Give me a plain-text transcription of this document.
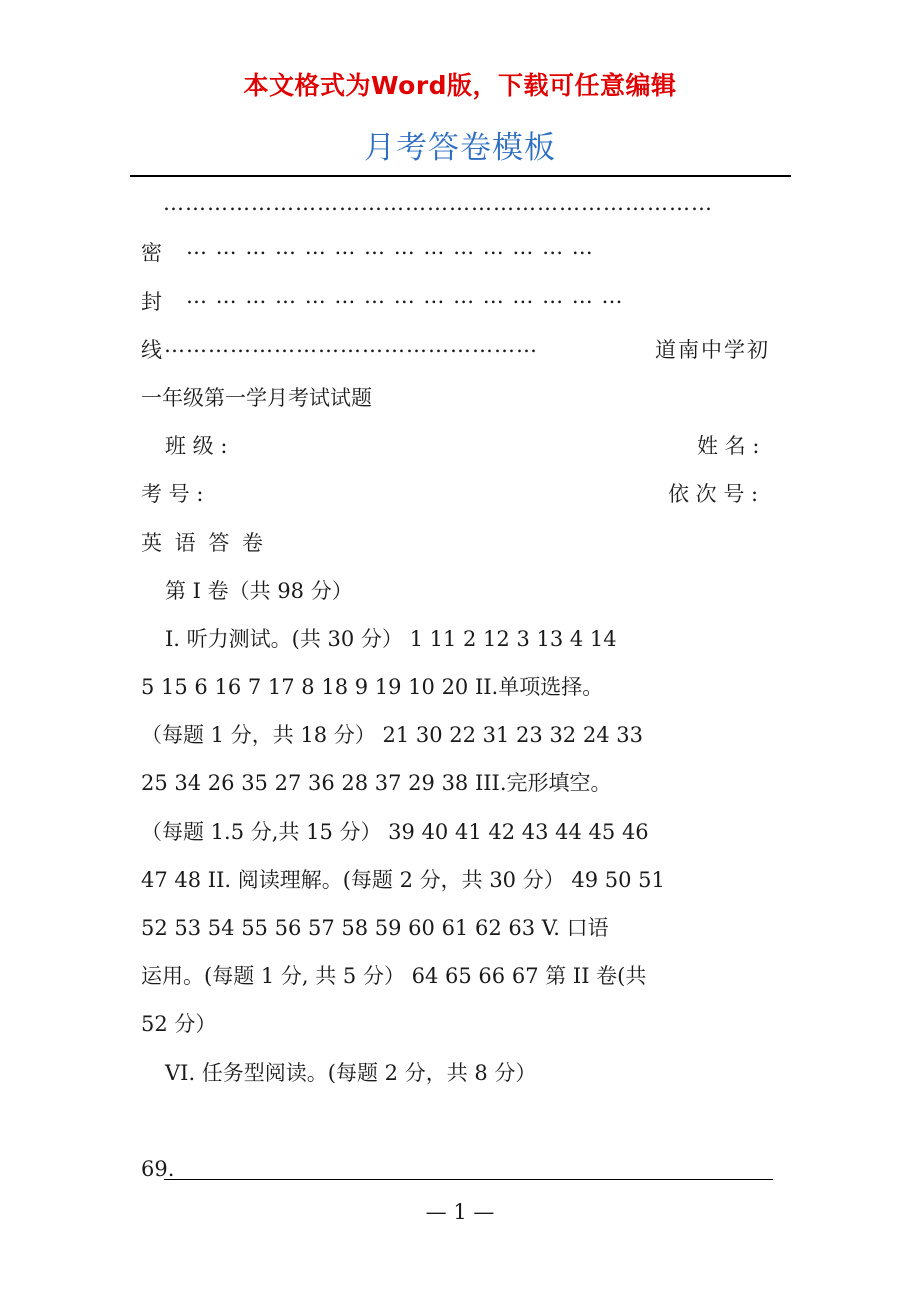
本文格式为Word版，下载可任意编辑
月考答卷模板
…………………………………………………………………
密 … … … … … … … … … … … … … …
封 … … … … … … … … … … … … … … …
线 ……………………………………………	道南中学初
一年级第一学月考试试题
班 级 :	姓 名 :
考 号 :	依 次 号 :
英 语 答 卷
第 I 卷（共 98 分）
I. 听力测试。(共 30 分） 1 11 2 12 3 13 4 14
5 15 6 16 7 17 8 18 9 19 10 20 II.单项选择。
（每题 1 分，共 18 分） 21 30 22 31 23 32 24 33
25 34 26 35 27 36 28 37 29 38 III.完形填空。
（每题 1.5 分,共 15 分） 39 40 41 42 43 44 45 46
47 48 II. 阅读理解。(每题 2 分，共 30 分） 49 50 51
52 53 54 55 56 57 58 59 60 61 62 63 V. 口语
运用。(每题 1 分, 共 5 分） 64 65 66 67 第 II 卷(共
52 分）
VI. 任务型阅读。(每题 2 分，共 8 分）
69.
— 1 —
